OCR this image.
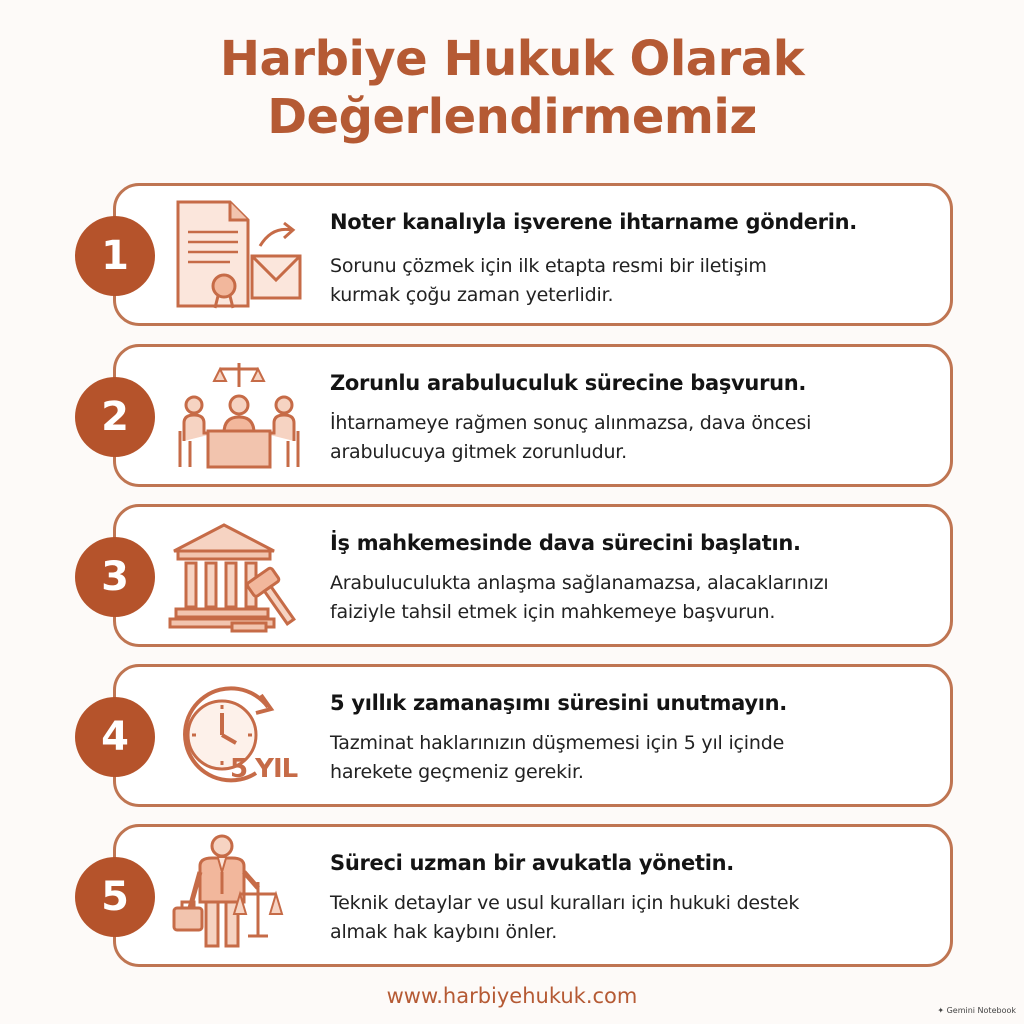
Harbiye Hukuk Olarak
Değerlendirmemiz
1
Noter kanalıyla işverene ihtarname gönderin.
Sorunu çözmek için ilk etapta resmi bir iletişim
kurmak çoğu zaman yeterlidir.
2
Zorunlu arabuluculuk sürecine başvurun.
İhtarnameye rağmen sonuç alınmazsa, dava öncesi
arabulucuya gitmek zorunludur.
3
İş mahkemesinde dava sürecini başlatın.
Arabuluculukta anlaşma sağlanamazsa, alacaklarınızı
faiziyle tahsil etmek için mahkemeye başvurun.
4
5 YIL
5 yıllık zamanaşımı süresini unutmayın.
Tazminat haklarınızın düşmemesi için 5 yıl içinde
harekete geçmeniz gerekir.
5
Süreci uzman bir avukatla yönetin.
Teknik detaylar ve usul kuralları için hukuki destek
almak hak kaybını önler.
www.harbiyehukuk.com
✦ Gemini Notebook
